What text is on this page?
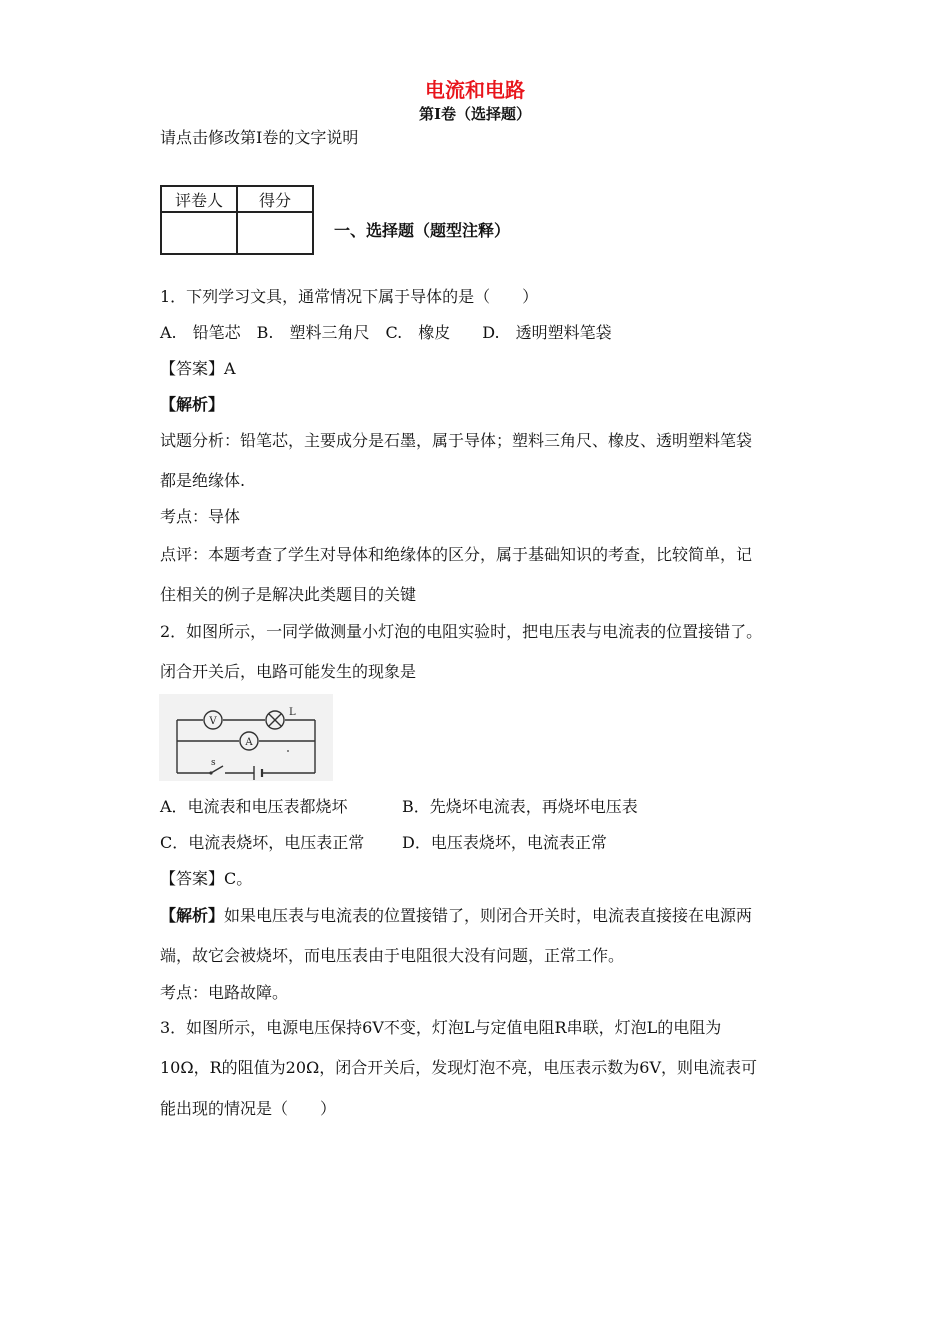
电流和电路
第I卷（选择题）
请点击修改第I卷的文字说明
评卷人	得分

一、选择题（题型注释）
1．下列学习文具，通常情况下属于导体的是（　　）
A.　铅笔芯　B.　塑料三角尺　C.　橡皮　　D.　透明塑料笔袋
【答案】A
【解析】
试题分析：铅笔芯，主要成分是石墨，属于导体；塑料三角尺、橡皮、透明塑料笔袋
都是绝缘体.
考点：导体
点评：本题考查了学生对导体和绝缘体的区分，属于基础知识的考查，比较简单，记
住相关的例子是解决此类题目的关键
2．如图所示，一同学做测量小灯泡的电阻实验时，把电压表与电流表的位置接错了。
闭合开关后，电路可能发生的现象是
V
L
A
s
A．电流表和电压表都烧坏	B．先烧坏电流表，再烧坏电压表
C．电流表烧坏，电压表正常 D．电压表烧坏，电流表正常
【答案】C。
【解析】如果电压表与电流表的位置接错了，则闭合开关时，电流表直接接在电源两
端，故它会被烧坏，而电压表由于电阻很大没有问题，正常工作。
考点：电路故障。
3．如图所示，电源电压保持6V不变，灯泡L与定值电阻R串联，灯泡L的电阻为
10Ω，R的阻值为20Ω，闭合开关后，发现灯泡不亮，电压表示数为6V，则电流表可
能出现的情况是（　　）
